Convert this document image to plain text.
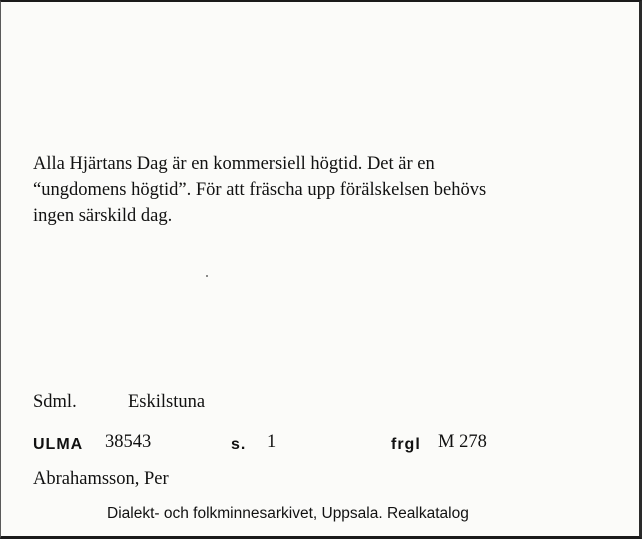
Alla Hjärtans Dag är en kommersiell högtid. Det är en
“ungdomens högtid”. För att fräscha upp förälskelsen behövs
ingen särskild dag.
Sdml.	Eskilstuna
ULMA 38543	s. 1	frgl M 278
Abrahamsson, Per
Dialekt- och folkminnesarkivet, Uppsala. Realkatalog
